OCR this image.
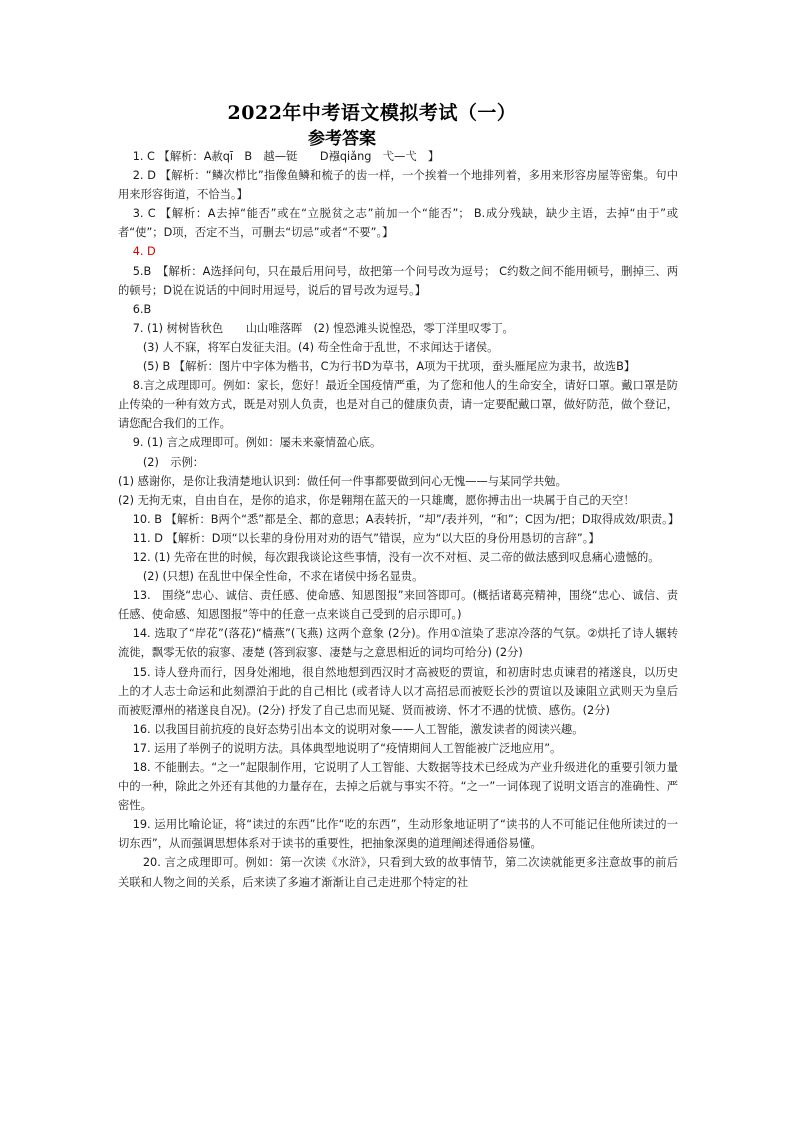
2022年中考语文模拟考试（一）
参考答案

1. C 【解析：A赦qī　B　越—铤　　D襁qiǎng　弋—弋　】

2. D 【解析：“鳞次栉比”指像鱼鳞和梳子的齿一样，一个挨着一个地排列着，多用来形容房屋等密集。句中用来形容街道，不恰当。】

3. C 【解析：A去掉“能否”或在“立脱贫之志”前加一个“能否”； B.成分残缺，缺少主语，去掉“由于”或者“使”；D项，否定不当，可删去“切忌”或者“不要”。】

4. D

5.B　【解析：A选择问句，只在最后用问号，故把第一个问号改为逗号； C约数之间不能用顿号，删掉三、两的顿号；D说在说话的中间时用逗号，说后的冒号改为逗号。】

6.B

7. (1) 树树皆秋色　　山山唯落晖　(2) 惶恐滩头说惶恐，零丁洋里叹零丁。

(3) 人不寐，将军白发征夫泪。(4) 苟全性命于乱世，不求闻达于诸侯。

(5) B 【解析：图片中字体为楷书，C为行书D为草书，A项为干扰项，蚕头雁尾应为隶书，故选B】

8.言之成理即可。例如：家长，您好！最近全国疫情严重，为了您和他人的生命安全，请好口罩。戴口罩是防止传染的一种有效方式，既是对别人负责，也是对自己的健康负责，请一定要配戴口罩，做好防范，做个登记，请您配合我们的工作。

9. (1) 言之成理即可。例如：屡未来豪情盈心底。

(2)　示例：

(1) 感谢你，是你让我清楚地认识到：做任何一件事都要做到问心无愧——与某同学共勉。

(2) 无拘无束，自由自在，是你的追求，你是翱翔在蓝天的一只雄鹰，愿你搏击出一块属于自己的天空！

10. B 【解析：B两个“悉”都是全、都的意思；A表转折，“却”/表并列，“和”；C因为/把；D取得成效/职责。】

11. D 【解析：D项“以长辈的身份用对劝的语气”错误，应为“以大臣的身份用恳切的言辞”。】

12. (1) 先帝在世的时候，每次跟我谈论这些事情，没有一次不对桓、灵二帝的做法感到叹息痛心遗憾的。

(2) (只想) 在乱世中保全性命，不求在诸侯中扬名显贵。

13.　围绕“忠心、诚信、责任感、使命感、知恩图报”来回答即可。(概括诸葛亮精神，围绕“忠心、诚信、责任感、使命感、知恩图报”等中的任意一点来谈自己受到的启示即可。)

14. 选取了“岸花”(落花)“樯燕”(飞燕) 这两个意象 (2分)。作用①渲染了悲凉冷落的气氛。②烘托了诗人辗转流徙，飘零无依的寂寥、凄楚 (答到寂寥、凄楚与之意思相近的词均可给分) (2分)

15. 诗人登舟而行，因身处湘地，很自然地想到西汉时才高被贬的贾谊，和初唐时忠贞谏君的褚遂良，以历史上的才人志士命运和此刻漂泊于此的自己相比 (或者诗人以才高招忌而被贬长沙的贾谊以及谏阻立武则天为皇后而被贬潭州的褚遂良自况)。(2分) 抒发了自己忠而见疑、贤而被谤、怀才不遇的忧愤、感伤。(2分)

16. 以我国目前抗疫的良好态势引出本文的说明对象——人工智能，激发读者的阅读兴趣。

17. 运用了举例子的说明方法。具体典型地说明了“疫情期间人工智能被广泛地应用”。

18. 不能删去。“之一”起限制作用，它说明了人工智能、大数据等技术已经成为产业升级进化的重要引领力量中的一种，除此之外还有其他的力量存在，去掉之后就与事实不符。“之一”一词体现了说明文语言的准确性、严密性。

19. 运用比喻论证，将“读过的东西”比作“吃的东西”，生动形象地证明了“读书的人不可能记住他所读过的一切东西”，从而强调思想体系对于读书的重要性，把抽象深奥的道理阐述得通俗易懂。

20. 言之成理即可。例如：第一次读《水浒》，只看到大致的故事情节，第二次读就能更多注意故事的前后关联和人物之间的关系，后来读了多遍才渐渐让自己走进那个特定的社
